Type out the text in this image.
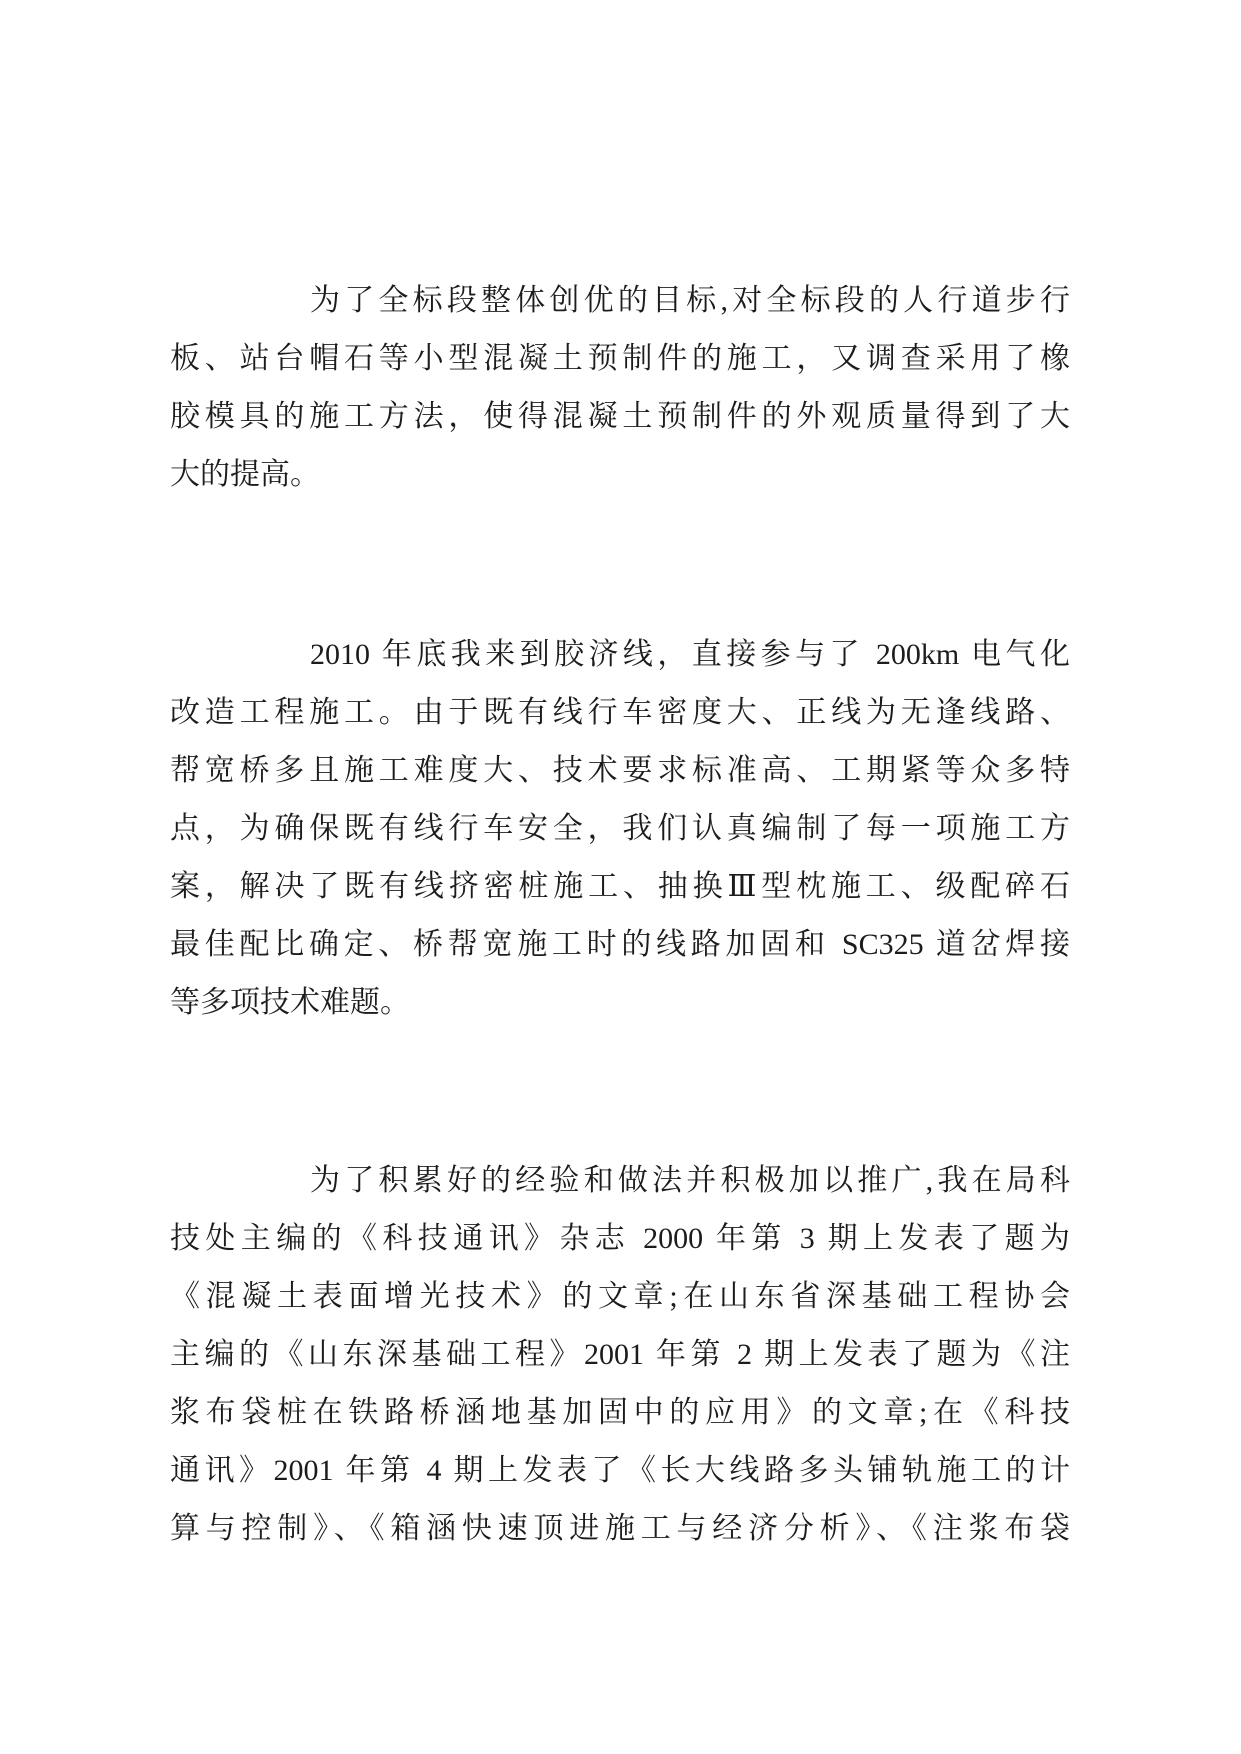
为了全标段整体创优的目标,对全标段的人行道步行
板、站台帽石等小型混凝土预制件的施工，又调查采用了橡
胶模具的施工方法，使得混凝土预制件的外观质量得到了大
大的提高。
2010 年底我来到胶济线，直接参与了 200km 电气化
改造工程施工。由于既有线行车密度大、正线为无逢线路、
帮宽桥多且施工难度大、技术要求标准高、工期紧等众多特
点，为确保既有线行车安全，我们认真编制了每一项施工方
案，解决了既有线挤密桩施工、抽换Ⅲ型枕施工、级配碎石
最佳配比确定、桥帮宽施工时的线路加固和 SC325 道岔焊接
等多项技术难题。
为了积累好的经验和做法并积极加以推广,我在局科
技处主编的《科技通讯》杂志 2000 年第 3 期上发表了题为
《混凝土表面增光技术》的文章;在山东省深基础工程协会
主编的《山东深基础工程》2001 年第 2 期上发表了题为《注
浆布袋桩在铁路桥涵地基加固中的应用》的文章;在《科技
通讯》2001 年第 4 期上发表了《长大线路多头铺轨施工的计
算与控制》、《箱涵快速顶进施工与经济分析》、《注浆布袋
